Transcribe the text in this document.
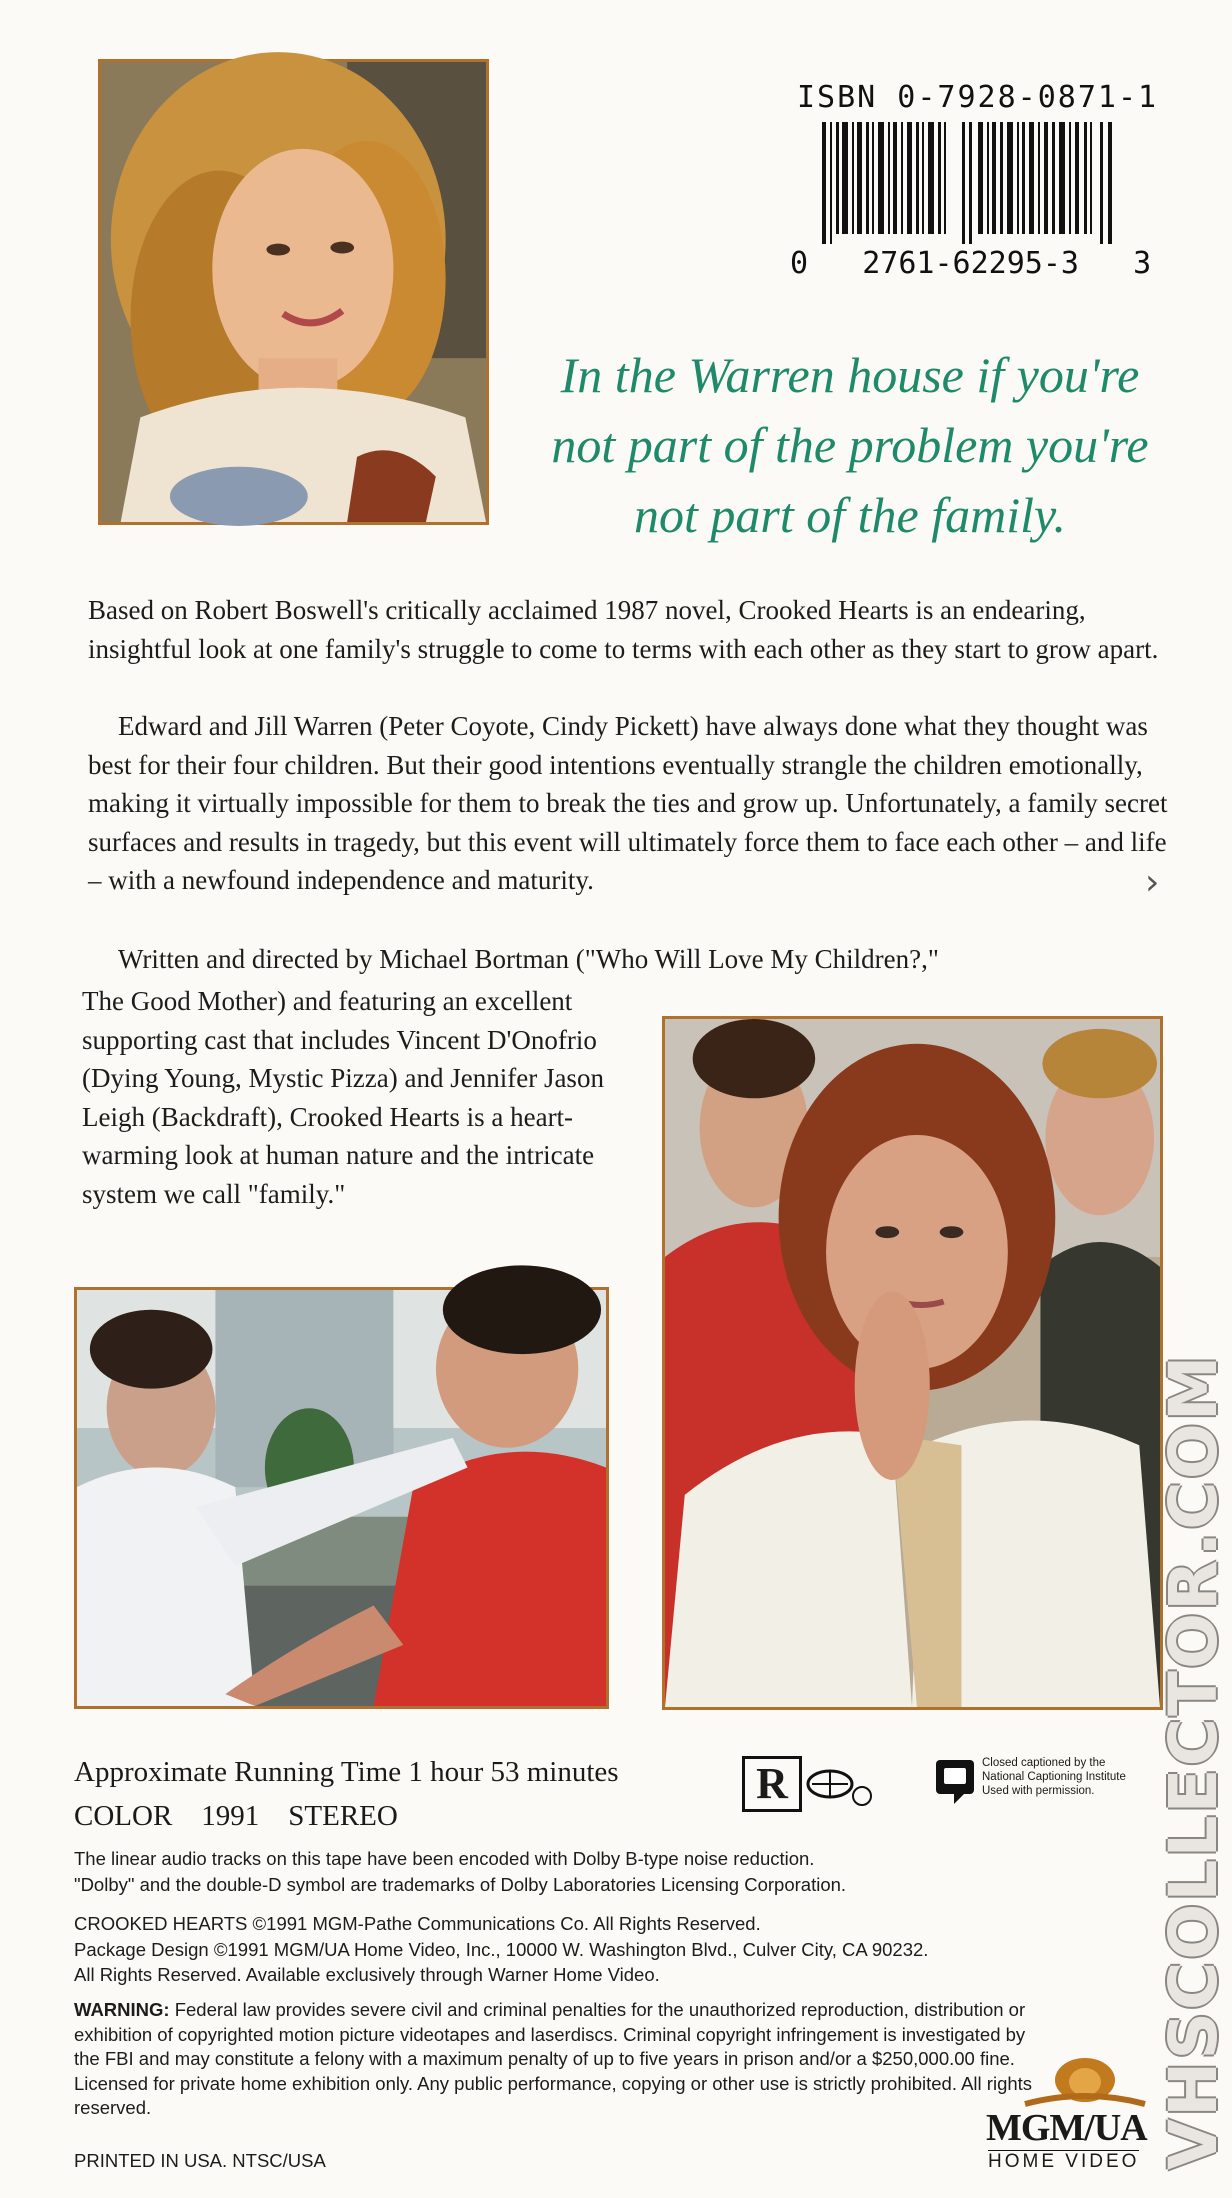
ISBN 0-7928-0871-1
0   2761-62295-3   3
In the Warren house if you're
not part of the problem you're
not part of the family.

Based on Robert Boswell's critically acclaimed 1987 novel, Crooked Hearts is an endearing, insightful look at one family's struggle to come to terms with each other as they start to grow apart.

Edward and Jill Warren (Peter Coyote, Cindy Pickett) have always done what they thought was best for their four children. But their good intentions eventually strangle the children emotionally, making it virtually impossible for them to break the ties and grow up. Unfortunately, a family secret surfaces and results in tragedy, but this event will ultimately force them to face each other – and life – with a newfound independence and maturity.

Written and directed by Michael Bortman ("Who Will Love My Children?,"

The Good Mother) and featuring an excellent supporting cast that includes Vincent D'Onofrio (Dying Young, Mystic Pizza) and Jennifer Jason Leigh (Backdraft), Crooked Hearts is a heart-warming look at human nature and the intricate system we call "family."

›
Approximate Running Time 1 hour 53 minutes
COLOR    1991    STEREO
R	Closed captioned by the National Captioning Institute Used with permission.

The linear audio tracks on this tape have been encoded with Dolby B-type noise reduction.

"Dolby" and the double-D symbol are trademarks of Dolby Laboratories Licensing Corporation.

CROOKED HEARTS ©1991 MGM-Pathe Communications Co. All Rights Reserved.

Package Design ©1991 MGM/UA Home Video, Inc., 10000 W. Washington Blvd., Culver City, CA 90232.

All Rights Reserved. Available exclusively through Warner Home Video.

WARNING: Federal law provides severe civil and criminal penalties for the unauthorized reproduction, distribution or exhibition of copyrighted motion picture videotapes and laserdiscs. Criminal copyright infringement is investigated by the FBI and may constitute a felony with a maximum penalty of up to five years in prison and/or a $250,000.00 fine. Licensed for private home exhibition only. Any public performance, copying or other use is strictly prohibited. All rights reserved.
PRINTED IN USA. NTSC/USA
MGM/UA
HOME VIDEO VHSCOLLECTOR.COM
